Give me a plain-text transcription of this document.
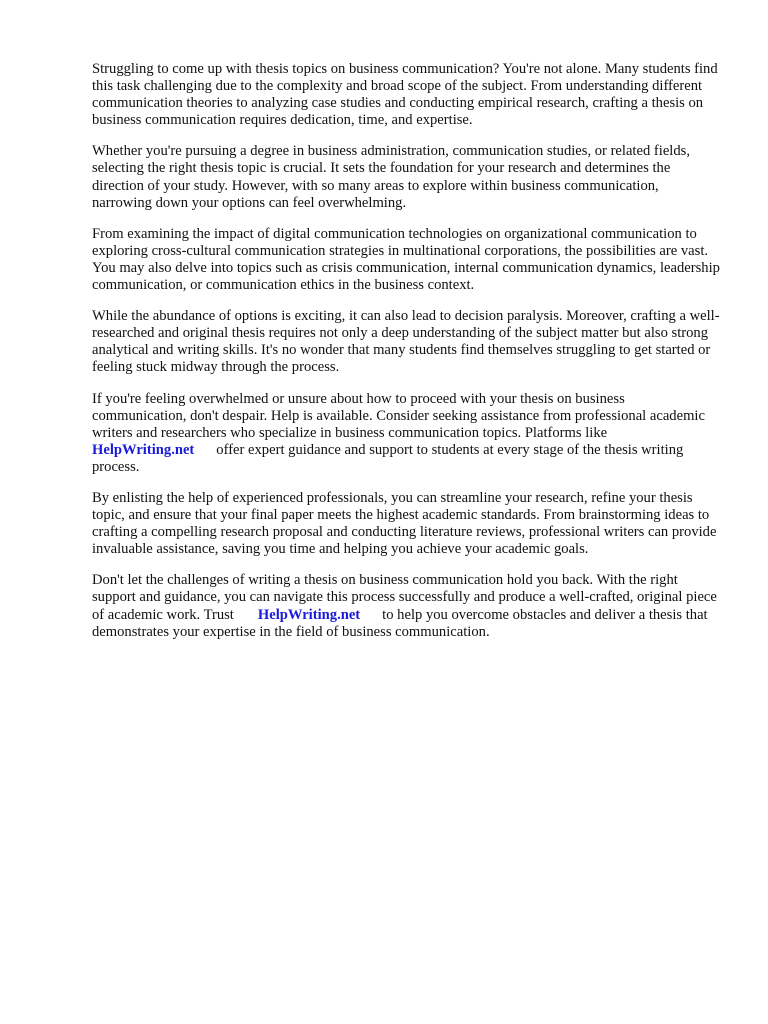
Struggling to come up with thesis topics on business communication? You're not alone. Many students find this task challenging due to the complexity and broad scope of the subject. From understanding different communication theories to analyzing case studies and conducting empirical research, crafting a thesis on business communication requires dedication, time, and expertise.

Whether you're pursuing a degree in business administration, communication studies, or related fields, selecting the right thesis topic is crucial. It sets the foundation for your research and determines the direction of your study. However, with so many areas to explore within business communication, narrowing down your options can feel overwhelming.

From examining the impact of digital communication technologies on organizational communication to exploring cross-cultural communication strategies in multinational corporations, the possibilities are vast. You may also delve into topics such as crisis communication, internal communication dynamics, leadership communication, or communication ethics in the business context.

While the abundance of options is exciting, it can also lead to decision paralysis. Moreover, crafting a well-researched and original thesis requires not only a deep understanding of the subject matter but also strong analytical and writing skills. It's no wonder that many students find themselves struggling to get started or feeling stuck midway through the process.

If you're feeling overwhelmed or unsure about how to proceed with your thesis on business communication, don't despair. Help is available. Consider seeking assistance from professional academic writers and researchers who specialize in business communication topics. Platforms like
HelpWriting.net offer expert guidance and support to students at every stage of the thesis writing process.

By enlisting the help of experienced professionals, you can streamline your research, refine your thesis topic, and ensure that your final paper meets the highest academic standards. From brainstorming ideas to crafting a compelling research proposal and conducting literature reviews, professional writers can provide invaluable assistance, saving you time and helping you achieve your academic goals.

Don't let the challenges of writing a thesis on business communication hold you back. With the right support and guidance, you can navigate this process successfully and produce a well-crafted, original piece of academic work. Trust HelpWriting.net to help you overcome obstacles and deliver a thesis that demonstrates your expertise in the field of business communication.
